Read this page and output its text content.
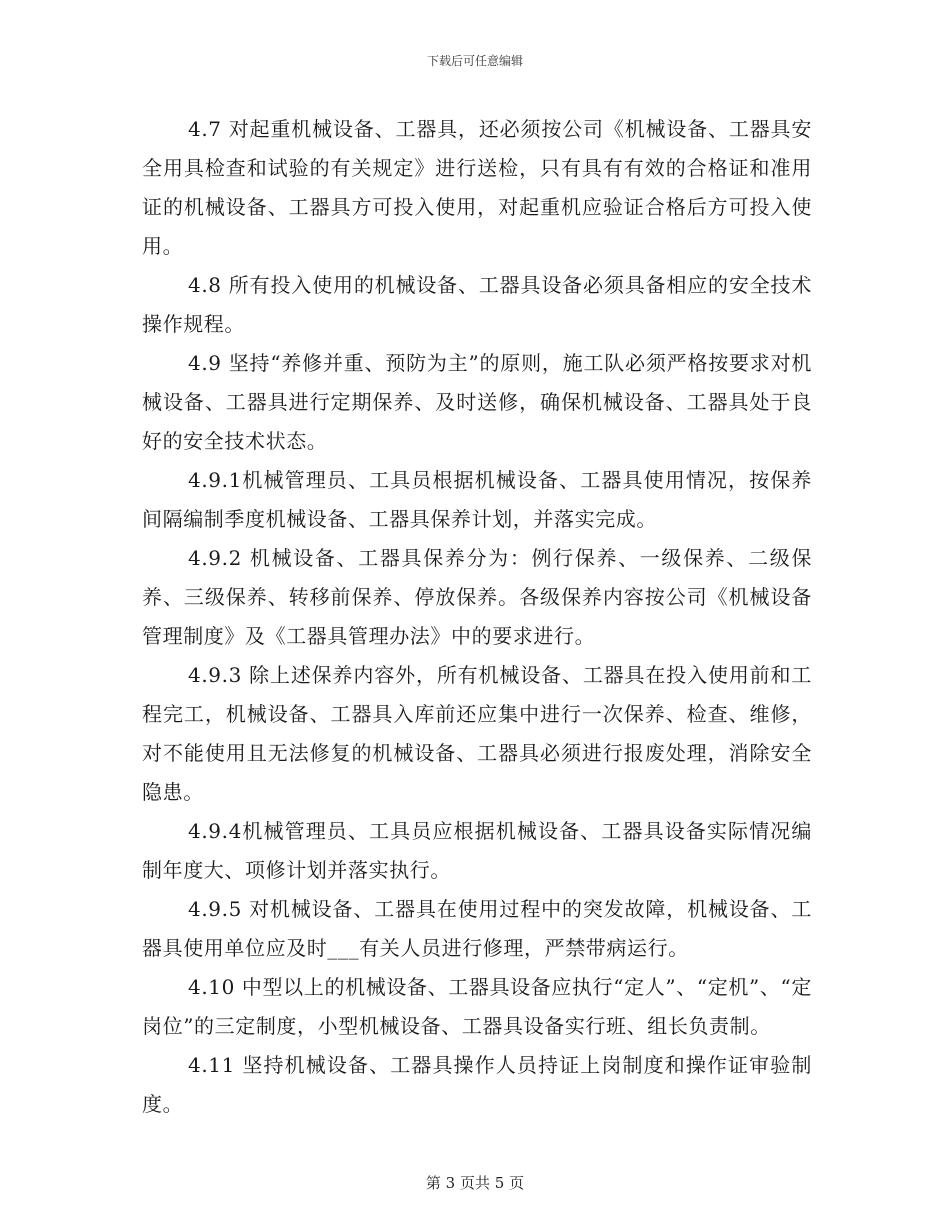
下载后可任意编辑

4.7 对起重机械设备、工器具，还必须按公司《机械设备、工器具安全用具检查和试验的有关规定》进行送检，只有具有有效的合格证和准用证的机械设备、工器具方可投入使用，对起重机应验证合格后方可投入使用。

4.8 所有投入使用的机械设备、工器具设备必须具备相应的安全技术操作规程。

4.9 坚持“养修并重、预防为主”的原则，施工队必须严格按要求对机械设备、工器具进行定期保养、及时送修，确保机械设备、工器具处于良好的安全技术状态。

4.9.1机械管理员、工具员根据机械设备、工器具使用情况，按保养间隔编制季度机械设备、工器具保养计划，并落实完成。

4.9.2 机械设备、工器具保养分为：例行保养、一级保养、二级保养、三级保养、转移前保养、停放保养。各级保养内容按公司《机械设备管理制度》及《工器具管理办法》中的要求进行。

4.9.3 除上述保养内容外，所有机械设备、工器具在投入使用前和工程完工，机械设备、工器具入库前还应集中进行一次保养、检查、维修，对不能使用且无法修复的机械设备、工器具必须进行报废处理，消除安全隐患。

4.9.4机械管理员、工具员应根据机械设备、工器具设备实际情况编制年度大、项修计划并落实执行。

4.9.5 对机械设备、工器具在使用过程中的突发故障，机械设备、工器具使用单位应及时___有关人员进行修理，严禁带病运行。

4.10 中型以上的机械设备、工器具设备应执行“定人”、“定机”、“定岗位”的三定制度，小型机械设备、工器具设备实行班、组长负责制。

4.11 坚持机械设备、工器具操作人员持证上岗制度和操作证审验制度。

第 3 页共 5 页
